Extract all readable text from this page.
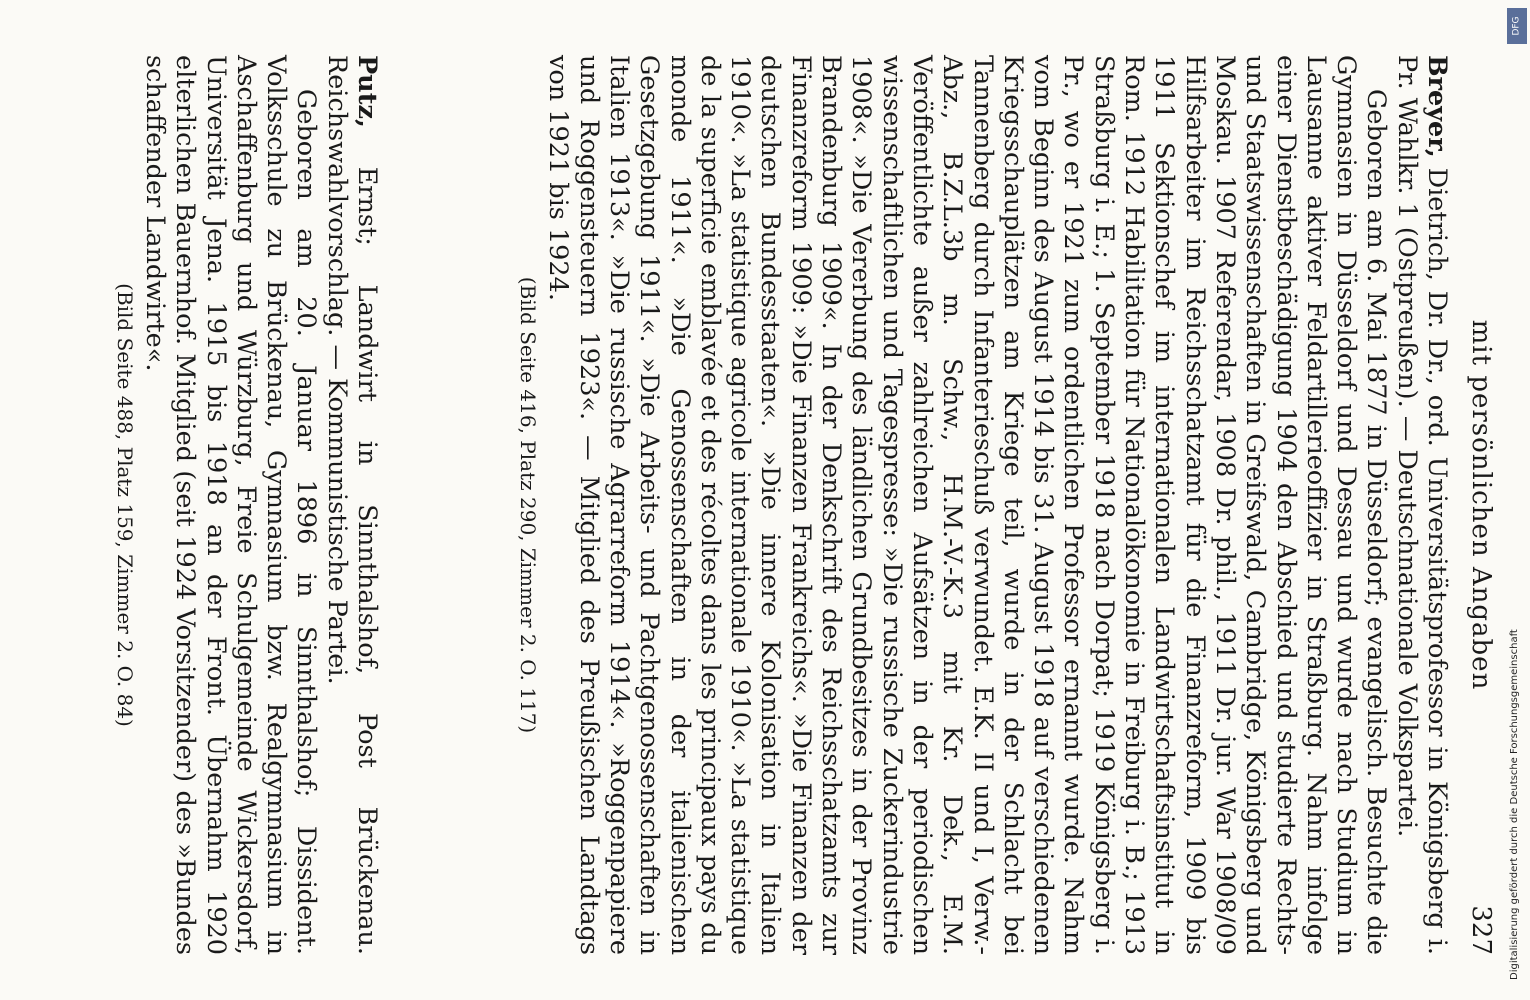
mit persönlichen Angaben
327

Breyer, Dietrich, Dr. Dr., ord. Universitätsprofessor in Königsberg i. Pr. Wahlkr. 1 (Ostpreußen). — Deutschnationale Volkspartei.

Geboren am 6. Mai 1877 in Düsseldorf; evangelisch. Besuchte die Gymnasien in Düsseldorf und Dessau und wurde nach Studium in Lausanne aktiver Feldartillerieoffizier in Straßburg. Nahm infolge einer Dienstbeschädigung 1904 den Abschied und studierte Rechts- und Staatswissenschaften in Greifswald, Cambridge, Königsberg und Moskau. 1907 Referendar, 1908 Dr. phil., 1911 Dr. jur. War 1908/09 Hilfsarbeiter im Reichsschatzamt für die Finanzreform, 1909 bis 1911 Sektionschef im internationalen Landwirtschaftsinstitut in Rom. 1912 Habilitation für Nationalökonomie in Freiburg i. B.; 1913 Straßburg i. E.; 1. September 1918 nach Dorpat; 1919 Königsberg i. Pr., wo er 1921 zum ordentlichen Professor ernannt wurde. Nahm vom Beginn des August 1914 bis 31. August 1918 auf verschiedenen Kriegsschauplätzen am Kriege teil, wurde in der Schlacht bei Tannenberg durch Infanterieschuß verwundet. E.K. II und I, Verw.-Abz., B.Z.L.3b m. Schw., H.M.-V.-K.3 mit Kr. Dek., E.M. Veröffentlichte außer zahlreichen Aufsätzen in der periodischen wissenschaftlichen und Tagespresse: »Die russische Zuckerindustrie 1908«. »Die Vererbung des ländlichen Grundbesitzes in der Provinz Brandenburg 1909«. In der Denkschrift des Reichsschatzamts zur Finanzreform 1909: »Die Finanzen Frankreichs«. »Die Finanzen der deutschen Bundesstaaten«. »Die innere Kolonisation in Italien 1910«. »La statistique agricole internationale 1910«. »La statistique de la superficie emblavée et des récoltes dans les principaux pays du monde 1911«. »Die Genossenschaften in der italienischen Gesetzgebung 1911«. »Die Arbeits- und Pachtgenossenschaften in Italien 1913«. »Die russische Agrarreform 1914«. »Roggenpapiere und Roggensteuern 1923«. — Mitglied des Preußischen Landtags von 1921 bis 1924.

(Bild Seite 416, Platz 290, Zimmer 2. O. 117)

Putz, Ernst; Landwirt in Sinnthalshof, Post Brückenau. Reichswahlvorschlag. — Kommunistische Partei.

Geboren am 20. Januar 1896 in Sinnthalshof; Dissident. Volksschule zu Brückenau, Gymnasium bzw. Realgymnasium in Aschaffenburg und Würzburg, Freie Schulgemeinde Wickersdorf, Universität Jena. 1915 bis 1918 an der Front. Übernahm 1920 elterlichen Bauernhof. Mitglied (seit 1924 Vorsitzender) des »Bundes schaffender Landwirte«.

(Bild Seite 488, Platz 159, Zimmer 2. O. 84)

Digitalisierung gefördert durch die Deutsche Forschungsgemeinschaft
DFG
